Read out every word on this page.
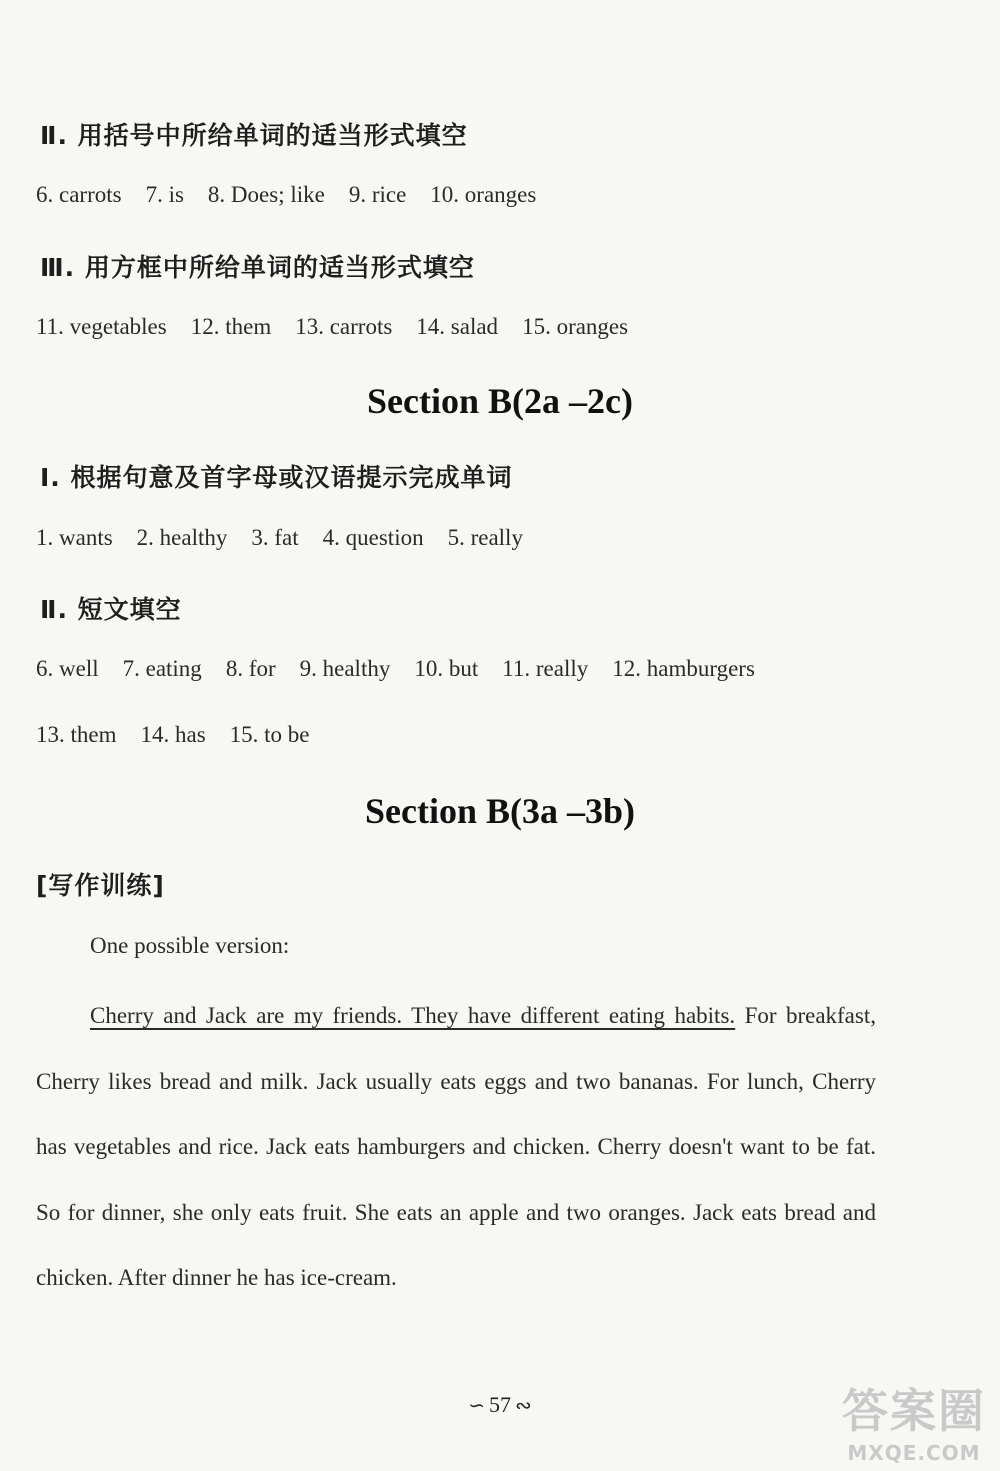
Ⅱ. 用括号中所给单词的适当形式填空
6. carrots 7. is 8. Does; like 9. rice 10. oranges
Ⅲ. 用方框中所给单词的适当形式填空
11. vegetables 12. them 13. carrots 14. salad 15. oranges
Section B(2a –2c)
Ⅰ. 根据句意及首字母或汉语提示完成单词
1. wants 2. healthy 3. fat 4. question 5. really
Ⅱ. 短文填空
6. well 7. eating 8. for 9. healthy 10. but 11. really 12. hamburgers
13. them 14. has 15. to be
Section B(3a –3b)
[写作训练]
One possible version:
Cherry and Jack are my friends. They have different eating habits. For breakfast, Cherry likes bread and milk. Jack usually eats eggs and two bananas. For lunch, Cherry has vegetables and rice. Jack eats hamburgers and chicken. Cherry doesn't want to be fat. So for dinner, she only eats fruit. She eats an apple and two oranges. Jack eats bread and chicken. After dinner he has ice-cream.
∽ 57 ∾	答案圈
MXQE.COM
